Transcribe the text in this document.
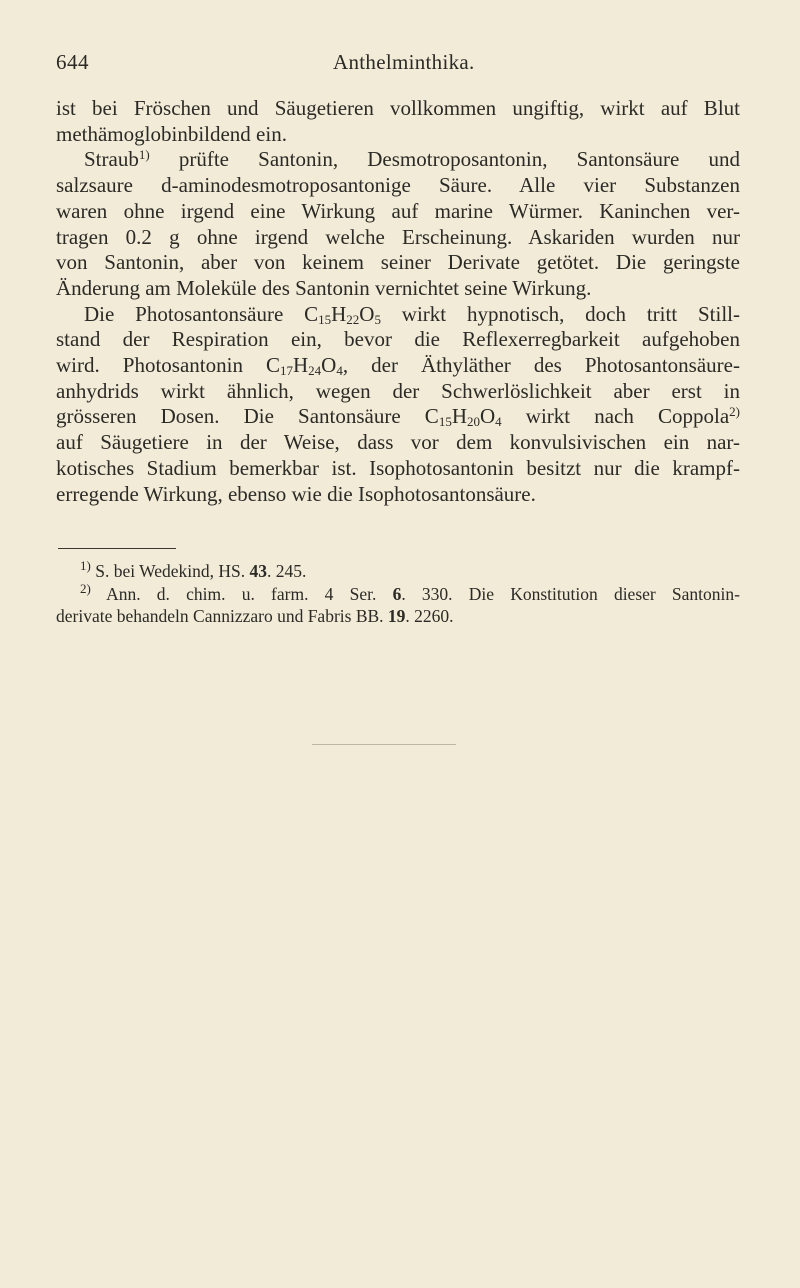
644	Anthelminthika.
ist bei Fröschen und Säugetieren vollkommen ungiftig, wirkt auf Blut
methämoglobinbildend ein.
Straub$^{1)}$ prüfte Santonin, Desmotroposantonin, Santonsäure und
salzsaure d-aminodesmotroposantonige Säure. Alle vier Substanzen
waren ohne irgend eine Wirkung auf marine Würmer. Kaninchen ver-
tragen 0.2 g ohne irgend welche Erscheinung. Askariden wurden nur
von Santonin, aber von keinem seiner Derivate getötet. Die geringste
Änderung am Moleküle des Santonin vernichtet seine Wirkung.
Die Photosantonsäure $C_{15}H_{22}O_5$ wirkt hypnotisch, doch tritt Still-
stand der Respiration ein, bevor die Reflexerregbarkeit aufgehoben
wird. Photosantonin $C_{17}H_{24}O_4$, der Äthyläther des Photosantonsäure-
anhydrids wirkt ähnlich, wegen der Schwerlöslichkeit aber erst in
grösseren Dosen. Die Santonsäure $C_{15}H_{20}O_4$ wirkt nach Coppola$^{2)}$
auf Säugetiere in der Weise, dass vor dem konvulsivischen ein nar-
kotisches Stadium bemerkbar ist. Isophotosantonin besitzt nur die krampf-
erregende Wirkung, ebenso wie die Isophotosantonsäure.
$^{1)}$ S. bei Wedekind, HS. 43. 245.
$^{2)}$ Ann. d. chim. u. farm. 4 Ser. 6. 330. Die Konstitution dieser Santonin-
derivate behandeln Cannizzaro und Fabris BB. 19. 2260.
